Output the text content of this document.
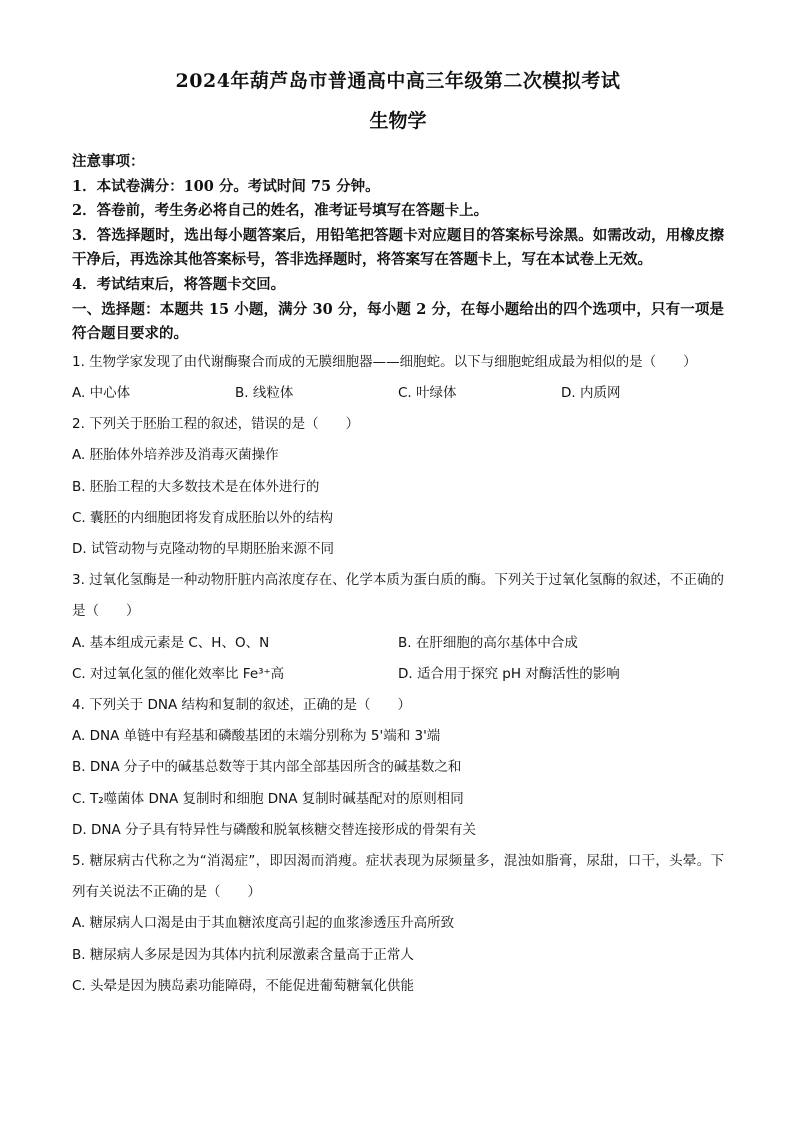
2024年葫芦岛市普通高中高三年级第二次模拟考试
生物学
注意事项：
1．本试卷满分：100 分。考试时间 75 分钟。
2．答卷前，考生务必将自己的姓名，准考证号填写在答题卡上。
3．答选择题时，选出每小题答案后，用铅笔把答题卡对应题目的答案标号涂黑。如需改动，用橡皮擦干净后，再选涂其他答案标号，答非选择题时，将答案写在答题卡上，写在本试卷上无效。
4．考试结束后，将答题卡交回。
一、选择题：本题共 15 小题，满分 30 分，每小题 2 分，在每小题给出的四个选项中，只有一项是符合题目要求的。
1. 生物学家发现了由代谢酶聚合而成的无膜细胞器——细胞蛇。以下与细胞蛇组成最为相似的是（　　）
A. 中心体	B. 线粒体	C. 叶绿体	D. 内质网
2. 下列关于胚胎工程的叙述，错误的是（　　）
A. 胚胎体外培养涉及消毒灭菌操作
B. 胚胎工程的大多数技术是在体外进行的
C. 囊胚的内细胞团将发育成胚胎以外的结构
D. 试管动物与克隆动物的早期胚胎来源不同
3. 过氧化氢酶是一种动物肝脏内高浓度存在、化学本质为蛋白质的酶。下列关于过氧化氢酶的叙述，不正确的是（　　）
A. 基本组成元素是 C、H、O、N	B. 在肝细胞的高尔基体中合成
C. 对过氧化氢的催化效率比 Fe³⁺高	D. 适合用于探究 pH 对酶活性的影响
4. 下列关于 DNA 结构和复制的叙述，正确的是（　　）
A. DNA 单链中有羟基和磷酸基团的末端分别称为 5'端和 3'端
B. DNA 分子中的碱基总数等于其内部全部基因所含的碱基数之和
C. T₂噬菌体 DNA 复制时和细胞 DNA 复制时碱基配对的原则相同
D. DNA 分子具有特异性与磷酸和脱氧核糖交替连接形成的骨架有关
5. 糖尿病古代称之为“消渴症”，即因渴而消瘦。症状表现为尿频量多，混浊如脂膏，尿甜，口干，头晕。下列有关说法不正确的是（　　）
A. 糖尿病人口渴是由于其血糖浓度高引起的血浆渗透压升高所致
B. 糖尿病人多尿是因为其体内抗利尿激素含量高于正常人
C. 头晕是因为胰岛素功能障碍，不能促进葡萄糖氧化供能
